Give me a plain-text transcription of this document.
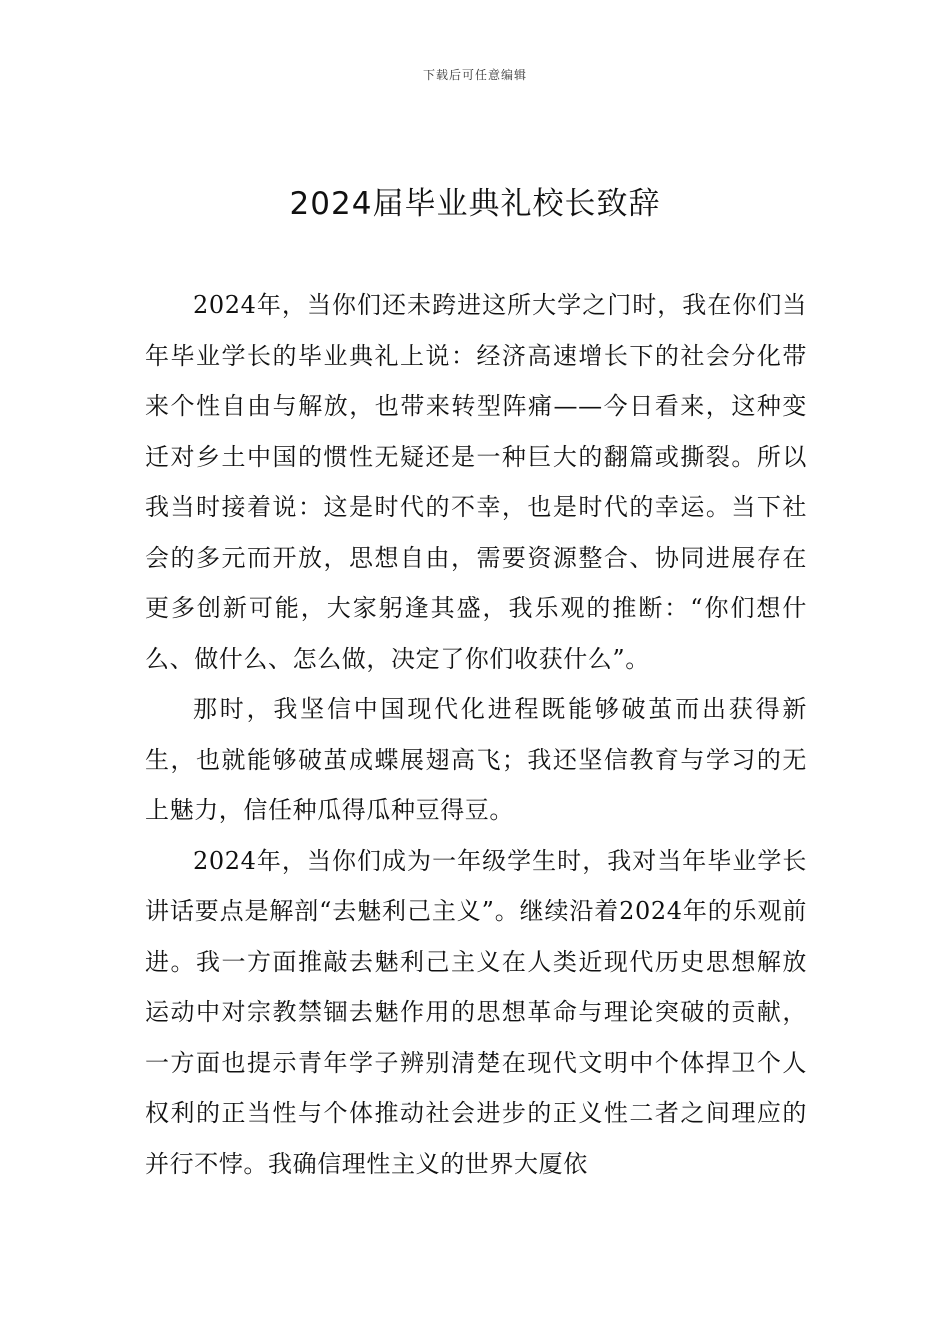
下载后可任意编辑
2024届毕业典礼校长致辞

2024年，当你们还未跨进这所大学之门时，我在你们当年毕业学长的毕业典礼上说：经济高速增长下的社会分化带来个性自由与解放，也带来转型阵痛——今日看来，这种变迁对乡土中国的惯性无疑还是一种巨大的翻篇或撕裂。所以我当时接着说：这是时代的不幸，也是时代的幸运。当下社会的多元而开放，思想自由，需要资源整合、协同进展存在更多创新可能，大家躬逢其盛，我乐观的推断：“你们想什么、做什么、怎么做，决定了你们收获什么”。

那时，我坚信中国现代化进程既能够破茧而出获得新生，也就能够破茧成蝶展翅高飞；我还坚信教育与学习的无上魅力，信任种瓜得瓜种豆得豆。

2024年，当你们成为一年级学生时，我对当年毕业学长讲话要点是解剖“去魅利己主义”。继续沿着2024年的乐观前进。我一方面推敲去魅利己主义在人类近现代历史思想解放运动中对宗教禁锢去魅作用的思想革命与理论突破的贡献，一方面也提示青年学子辨别清楚在现代文明中个体捍卫个人权利的正当性与个体推动社会进步的正义性二者之间理应的并行不悖。我确信理性主义的世界大厦依
